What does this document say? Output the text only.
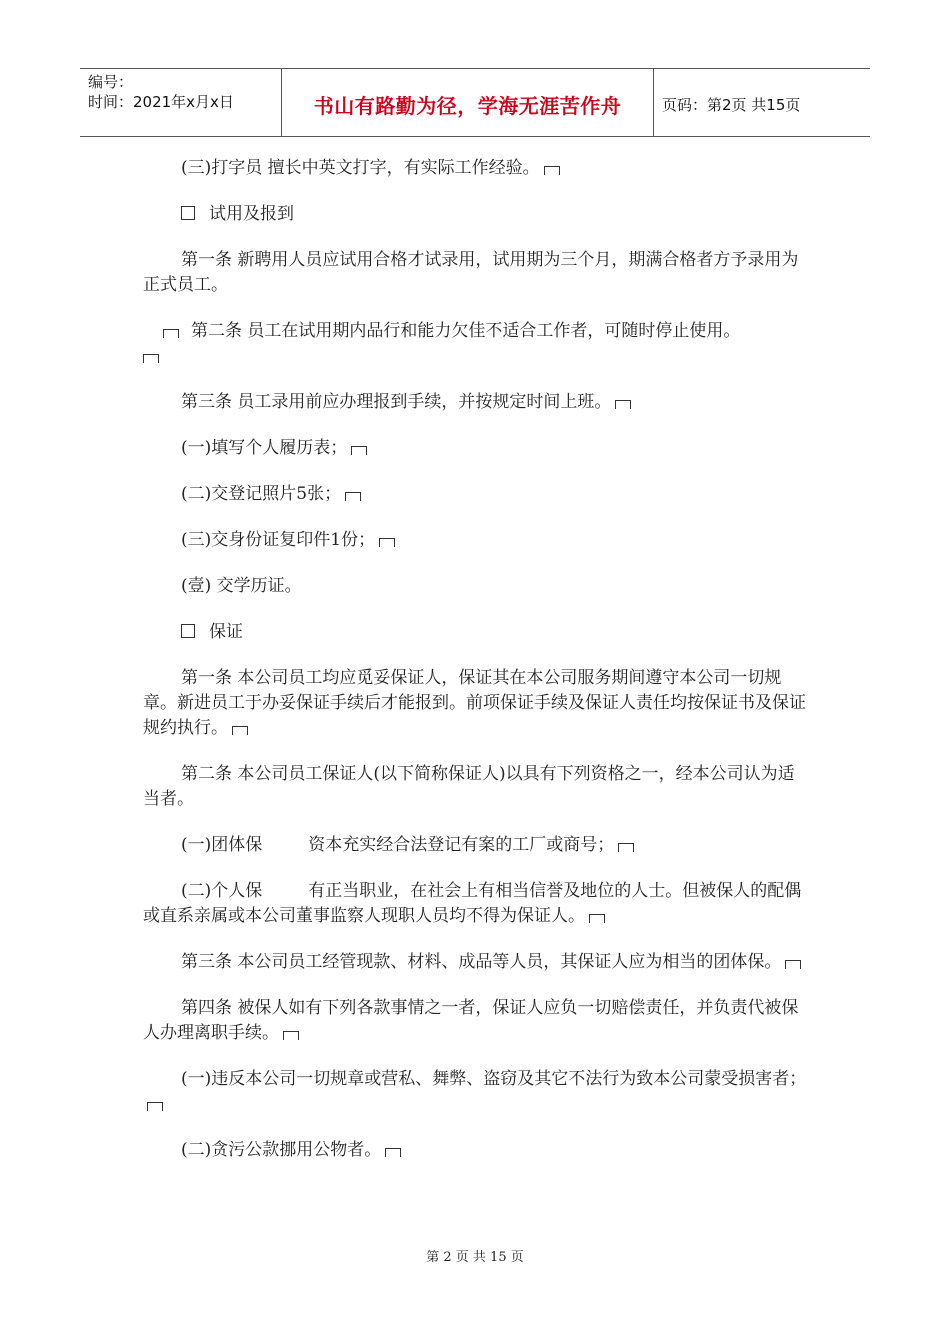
编号：
时间：2021年x月x日	书山有路勤为径，学海无涯苦作舟	页码：第2页 共15页

(三)打字员 擅长中英文打字，有实际工作经验。

试用及报到

第一条 新聘用人员应试用合格才试录用，试用期为三个月，期满合格者方予录用为正式员工。

第二条 员工在试用期内品行和能力欠佳不适合工作者，可随时停止使用。

第三条 员工录用前应办理报到手续，并按规定时间上班。

(一)填写个人履历表；

(二)交登记照片5张；

(三)交身份证复印件1份；

(壹) 交学历证。

保证

第一条 本公司员工均应觅妥保证人，保证其在本公司服务期间遵守本公司一切规章。新进员工于办妥保证手续后才能报到。前项保证手续及保证人责任均按保证书及保证规约执行。

第二条 本公司员工保证人(以下简称保证人)以具有下列资格之一，经本公司认为适当者。

(一)团体保	资本充实经合法登记有案的工厂或商号；

(二)个人保	有正当职业，在社会上有相当信誉及地位的人士。但被保人的配偶或直系亲属或本公司董事监察人现职人员均不得为保证人。

第三条 本公司员工经管现款、材料、成品等人员，其保证人应为相当的团体保。

第四条 被保人如有下列各款事情之一者，保证人应负一切赔偿责任，并负责代被保人办理离职手续。

(一)违反本公司一切规章或营私、舞弊、盗窃及其它不法行为致本公司蒙受损害者；

(二)贪污公款挪用公物者。

第 2 页 共 15 页
